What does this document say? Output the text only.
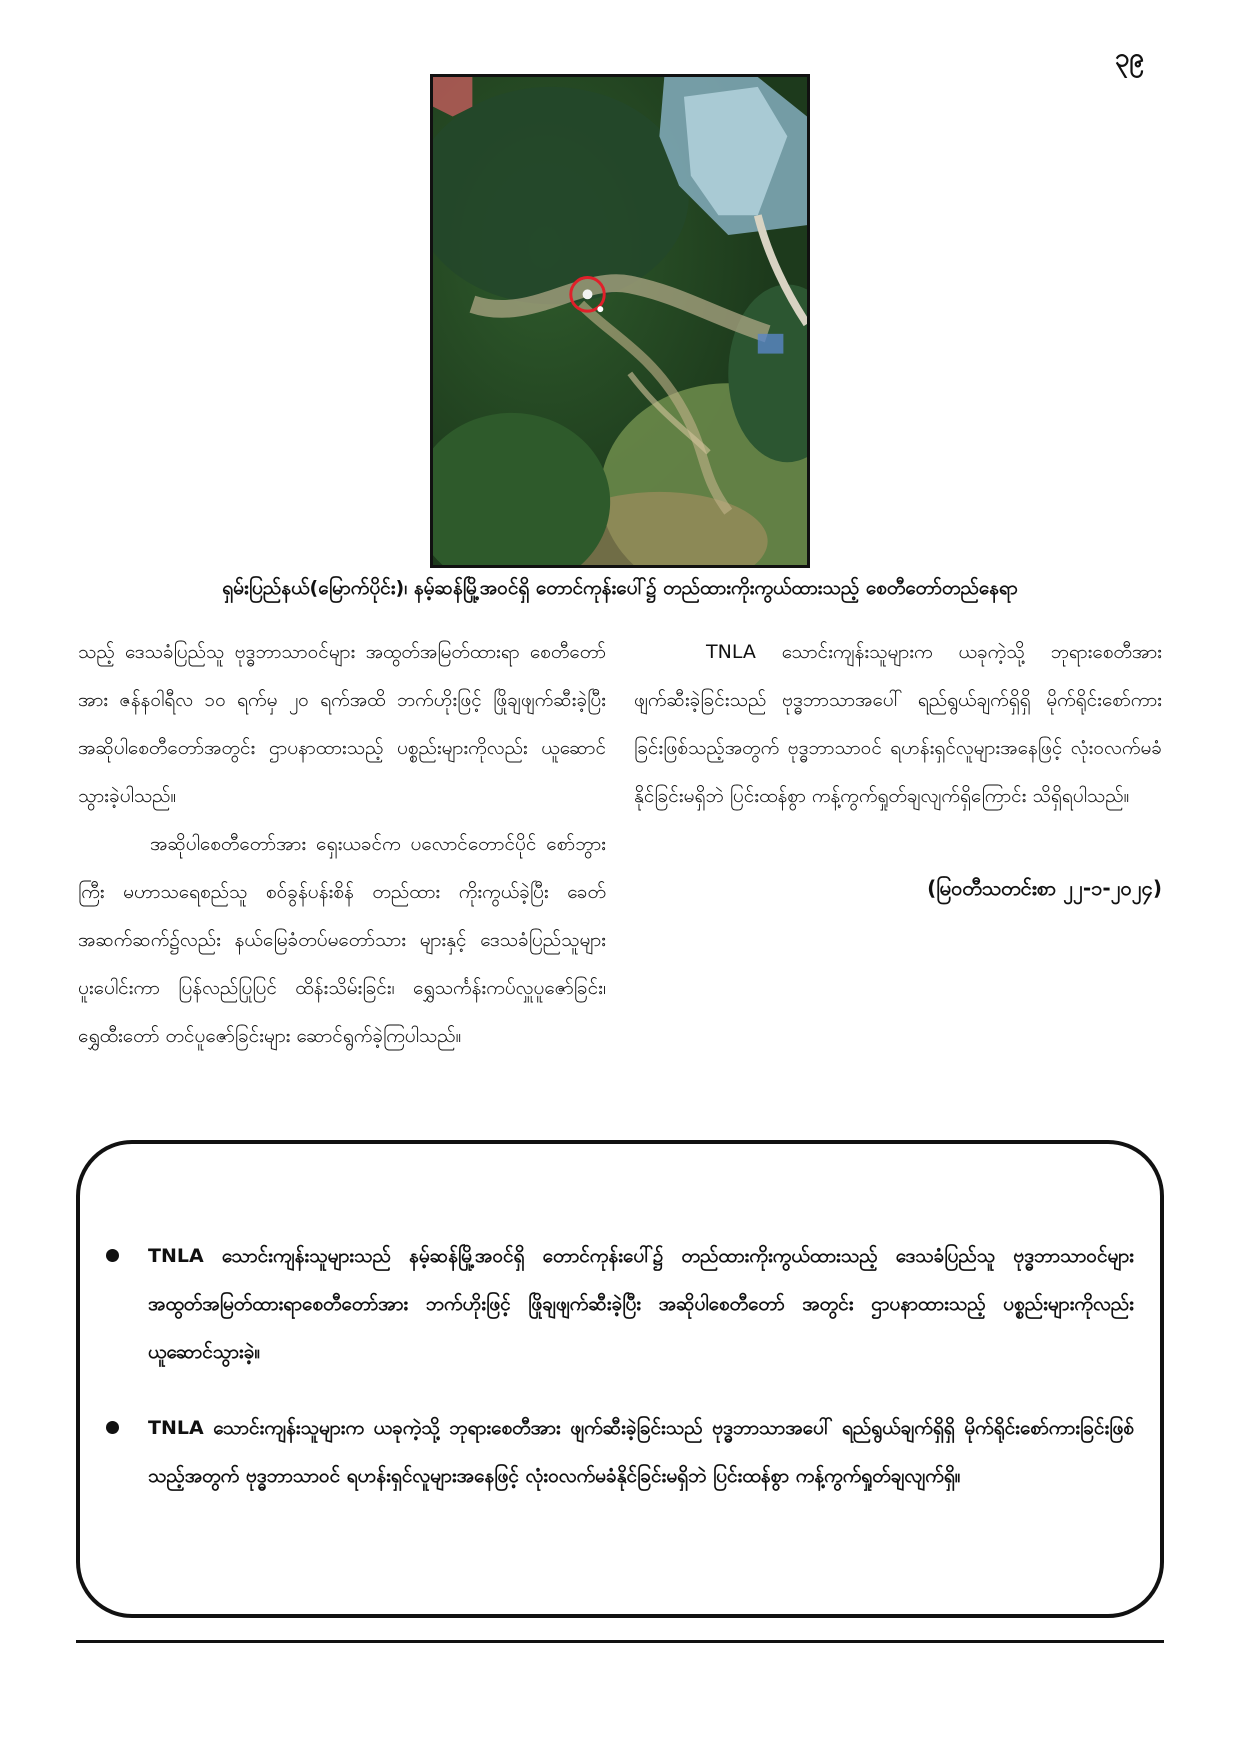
၃၉
ရှမ်းပြည်နယ်(မြောက်ပိုင်း)၊ နမ့်ဆန်မြို့အဝင်ရှိ တောင်ကုန်းပေါ်၌ တည်ထားကိုးကွယ်ထားသည့် စေတီတော်တည်နေရာ

သည့် ဒေသခံပြည်သူ ဗုဒ္ဓဘာသာဝင်များ အထွတ်အမြတ်ထားရာ စေတီတော်အား ဇန်နဝါရီလ ၁၀ ရက်မှ ၂၀ ရက်အထိ ဘက်ဟိုးဖြင့် ဖြိုချဖျက်ဆီးခဲ့ပြီး အဆိုပါစေတီတော်အတွင်း ဌာပနာထားသည့် ပစ္စည်းများကိုလည်း ယူဆောင်သွားခဲ့ပါသည်။

အဆိုပါစေတီတော်အား ရှေးယခင်က ပလောင်တောင်ပိုင် စော်ဘွားကြီး မဟာသရေစည်သူ စဝ်ခွန်ပန်းစိန် တည်ထား ကိုးကွယ်ခဲ့ပြီး ခေတ်အဆက်ဆက်၌လည်း နယ်မြေခံတပ်မတော်သား များနှင့် ဒေသခံပြည်သူများ ပူးပေါင်းကာ ပြန်လည်ပြုပြင် ထိန်းသိမ်းခြင်း၊ ရွှေသင်္ကန်းကပ်လှူပူဇော်ခြင်း၊ ရွှေထီးတော် တင်ပူဇော်ခြင်းများ ဆောင်ရွက်ခဲ့ကြပါသည်။

TNLA သောင်းကျန်းသူများက ယခုကဲ့သို့ ဘုရားစေတီအား ဖျက်ဆီးခဲ့ခြင်းသည် ဗုဒ္ဓဘာသာအပေါ် ရည်ရွယ်ချက်ရှိရှိ မိုက်ရိုင်းစော်ကားခြင်းဖြစ်သည့်အတွက် ဗုဒ္ဓဘာသာဝင် ရဟန်းရှင်လူများအနေဖြင့် လုံးဝလက်မခံနိုင်ခြင်းမရှိဘဲ ပြင်းထန်စွာ ကန့်ကွက်ရှုတ်ချလျက်ရှိကြောင်း သိရှိရပါသည်။

(မြဝတီသတင်းစာ ၂၂-၁-၂၀၂၄)

TNLA သောင်းကျန်းသူများသည် နမ့်ဆန်မြို့အဝင်ရှိ တောင်ကုန်းပေါ်၌ တည်ထားကိုးကွယ်ထားသည့် ဒေသခံပြည်သူ ဗုဒ္ဓဘာသာဝင်များ အထွတ်အမြတ်ထားရာစေတီတော်အား ဘက်ဟိုးဖြင့် ဖြိုချဖျက်ဆီးခဲ့ပြီး အဆိုပါစေတီတော် အတွင်း ဌာပနာထားသည့် ပစ္စည်းများကိုလည်း ယူဆောင်သွားခဲ့။
TNLA သောင်းကျန်းသူများက ယခုကဲ့သို့ ဘုရားစေတီအား ဖျက်ဆီးခဲ့ခြင်းသည် ဗုဒ္ဓဘာသာအပေါ် ရည်ရွယ်ချက်ရှိရှိ မိုက်ရိုင်းစော်ကားခြင်းဖြစ်သည့်အတွက် ဗုဒ္ဓဘာသာဝင် ရဟန်းရှင်လူများအနေဖြင့် လုံးဝလက်မခံနိုင်ခြင်းမရှိဘဲ ပြင်းထန်စွာ ကန့်ကွက်ရှုတ်ချလျက်ရှိ။
